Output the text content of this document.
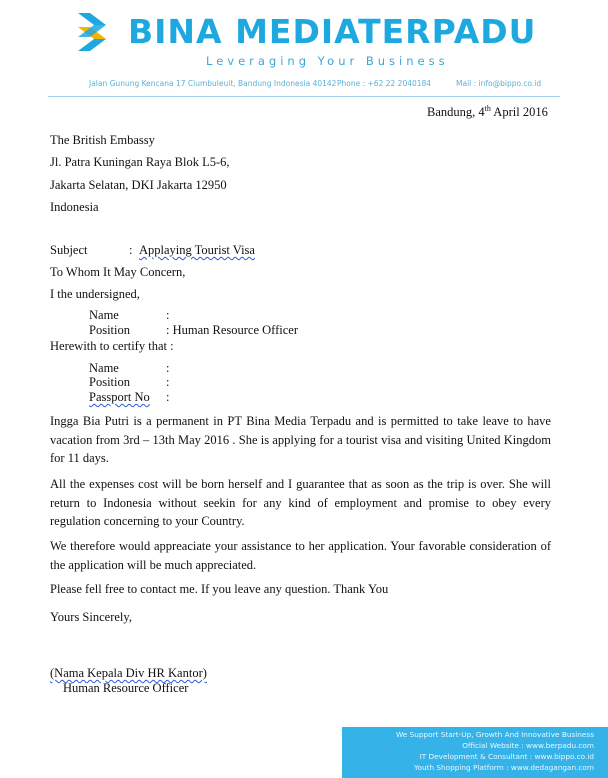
BINA MEDIATERPADU
Leveraging Your Business
Jalan Gunung Kencana 17 Ciumbuleuit, Bandung Indonesia 40142 Phone : +62 22 2040184	Mail : info@bippo.co.id
Bandung, 4th April 2016
The British Embassy
Jl. Patra Kuningan Raya Blok L5-6,
Jakarta Selatan, DKI Jakarta 12950
Indonesia
Subject	: Applaying Tourist Visa
To Whom It May Concern,
I the undersigned,
Name	:
Position	: Human Resource Officer
Herewith to certify that :
Name	:
Position	:
Passport No :
Ingga Bia Putri is a permanent in PT Bina Media Terpadu and is permitted to take leave to have vacation from 3rd – 13th May 2016 . She is applying for a tourist visa and visiting United Kingdom for 11 days.
All the expenses cost will be born herself and I guarantee that as soon as the trip is over. She will return to Indonesia without seekin for any kind of employment and promise to obey every regulation concerning to your Country.
We therefore would appreaciate your assistance to her application. Your favorable consideration of the application will be much appreciated.
Please fell free to contact me. If you leave any question. Thank You
Yours Sincerely,
(Nama Kepala Div HR Kantor)
Human Resource Officer
We Support Start-Up, Growth And Innovative Business
Official Website : www.berpadu.com
IT Development & Consultant : www.bippo.co.id
Youth Shopping Platform : www.dedagangan.com
